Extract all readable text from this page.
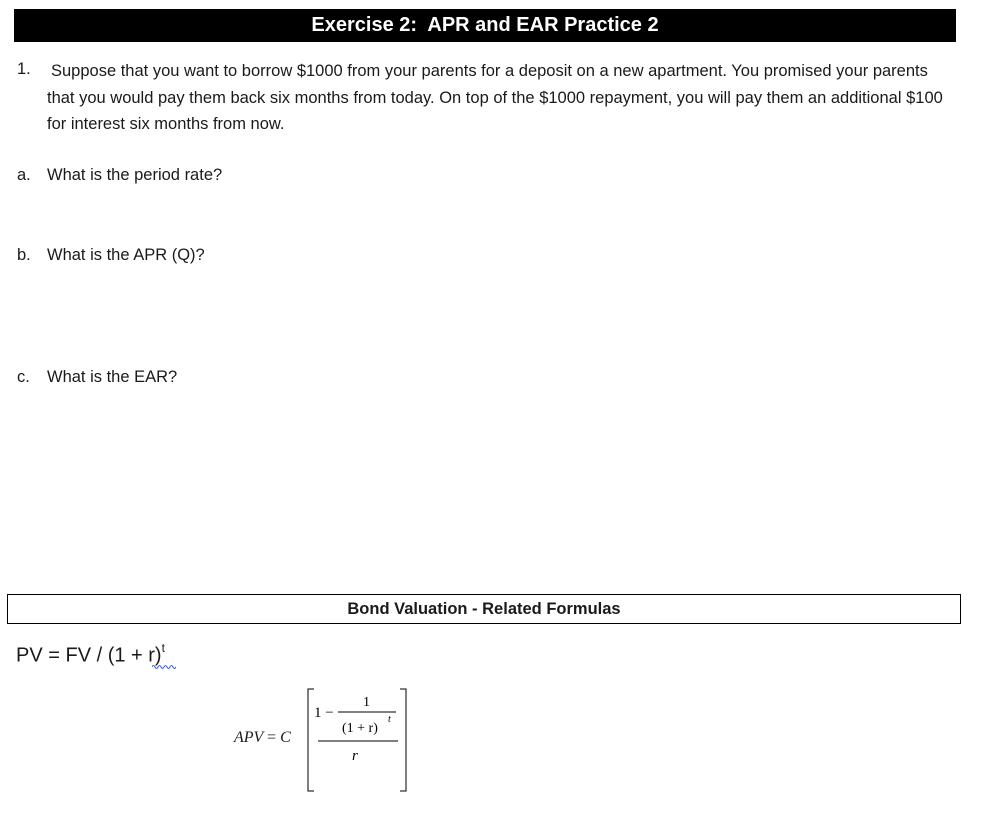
Exercise 2:  APR and EAR Practice 2
1. Suppose that you want to borrow $1000 from your parents for a deposit on a new apartment. You promised your parents that you would pay them back six months from today. On top of the $1000 repayment, you will pay them an additional $100 for interest six months from now.
a. What is the period rate?
b. What is the APR (Q)?
c. What is the EAR?
Bond Valuation - Related Formulas
PV = FV / $(1 + r)^t$
APV = C
1 −
1
(1 + r)
t
r
